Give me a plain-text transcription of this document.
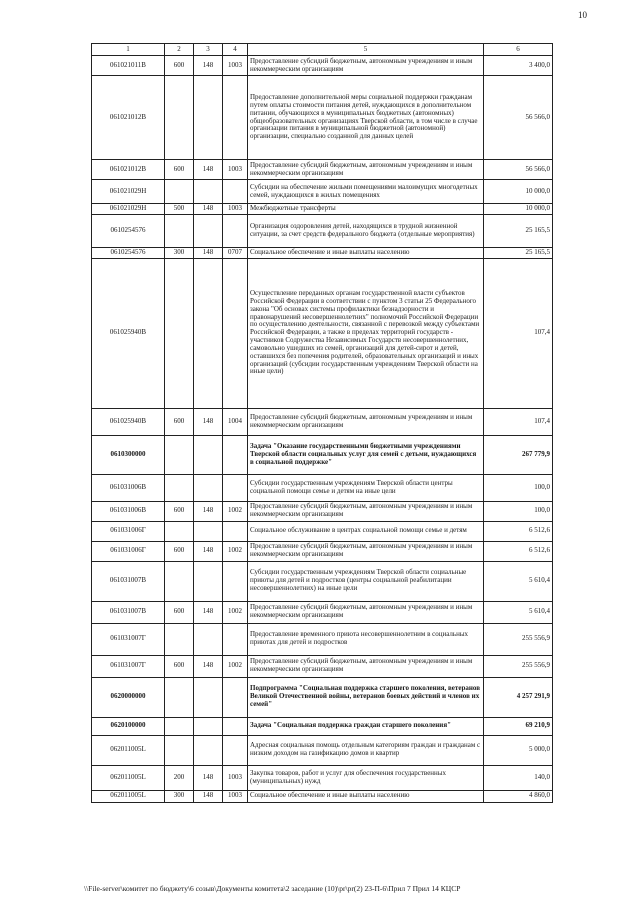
10
1	2	3	4	5	6
061021011В	600	148	1003	Предоставление субсидий бюджетным, автономным учреждениям и иным некоммерческим организациям	3 400,0
061021012В				Предоставление дополнительной меры социальной поддержки гражданам путем оплаты стоимости питания детей, нуждающихся в дополнительном питании, обучающихся в муниципальных бюджетных (автономных) общеобразовательных организациях Тверской области, в том числе в случае организации питания в муниципальной бюджетной (автономной) организации, специально созданной для данных целей	56 566,0
061021012В	600	148	1003	Предоставление субсидий бюджетным, автономным учреждениям и иным некоммерческим организациям	56 566,0
061021029Н				Субсидии на обеспечение жильми помещениями малоимущих многодетных семей, нуждающихся в жилых помещениях	10 000,0
061021029Н	500	148	1003	Межбюджетные трансферты	10 000,0
0610254576				Организация оздоровления детей, находящихся в трудной жизненной ситуации, за счет средств федерального бюджета (отдельные мероприятия)	25 165,5
0610254576	300	148	0707	Социальное обеспечение и иные выплаты населению	25 165,5
061025940В				Осуществление переданных органам государственной власти субъектов Российской Федерации в соответствии с пунктом 3 статьи 25 Федерального закона "Об основах системы профилактики безнадзорности и правонарушений несовершеннолетних" полномочий Российской Федерации по осуществлению деятельности, связанной с перевозкой между субъектами Российской Федерации, а также в пределах территорий государств - участников Содружества Независимых Государств несовершеннолетних, самовольно ушедших из семей, организаций для детей-сирот и детей, оставшихся без попечения родителей, образовательных организаций и иных организаций (субсидии государственным учреждениям Тверской области на иные цели)	107,4
061025940В	600	148	1004	Предоставление субсидий бюджетным, автономным учреждениям и иным некоммерческим организациям	107,4
0610300000				Задача "Оказание государственными бюджетными учреждениями Тверской области социальных услуг для семей с детьми, нуждающихся в социальной поддержке"	267 779,9
061031006В				Субсидии государственным учреждениям Тверской области центры социальной помощи семье и детям на иные цели	100,0
061031006В	600	148	1002	Предоставление субсидий бюджетным, автономным учреждениям и иным некоммерческим организациям	100,0
061031006Г				Социальное обслуживание в центрах социальной помощи семье и детям	6 512,6
061031006Г	600	148	1002	Предоставление субсидий бюджетным, автономным учреждениям и иным некоммерческим организациям	6 512,6
061031007В				Субсидии государственным учреждениям Тверской области социальные приюты для детей и подростков (центры социальной реабилитации несовершеннолетних) на иные цели	5 610,4
061031007В	600	148	1002	Предоставление субсидий бюджетным, автономным учреждениям и иным некоммерческим организациям	5 610,4
061031007Г				Предоставление временного приюта несовершеннолетним в социальных приютах для детей и подростков	255 556,9
061031007Г	600	148	1002	Предоставление субсидий бюджетным, автономным учреждениям и иным некоммерческим организациям	255 556,9
0620000000				Подпрограмма "Социальная поддержка старшего поколения, ветеранов Великой Отечественной войны, ветеранов боевых действий и членов их семей"	4 257 291,9
0620100000				Задача "Социальная поддержка граждан старшего поколения"	69 210,9
062011005L				Адресная социальная помощь отдельным категориям граждан и гражданам с низким доходом на газификацию домов и квартир	5 000,0
062011005L	200	148	1003	Закупка товаров, работ и услуг для обеспечения государственных (муниципальных) нужд	140,0
062011005L	300	148	1003	Социальное обеспечение и иные выплаты населению	4 860,0
\\File-server\комитет по бюджету\6 созыв\Документы комитета\2 заседание (10)\pr\pr(2) 23-П-6\Прил 7 Прил 14 КЦСР
